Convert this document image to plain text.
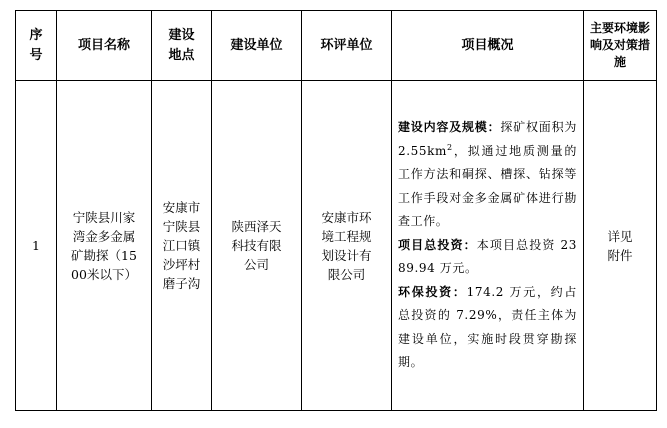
序号	项目名称	建设地点	建设单位	环评单位	项目概况	主要环境影响及对策措施
1	宁陕县川家湾金多金属矿勘探（1500米以下）	安康市宁陕县江口镇沙坪村磨子沟	陕西泽天科技有限公司	安康市环境工程规划设计有限公司	建设内容及规模：探矿权面积为 $2.55km^2$，拟通过地质测量的工作方法和硐探、槽探、钻探等工作手段对金多金属矿体进行勘查工作。
项目总投资：本项目总投资 2389.94 万元。
环保投资：174.2 万元，约占总投资的 7.29%，责任主体为建设单位，实施时段贯穿勘探期。	详见附件
